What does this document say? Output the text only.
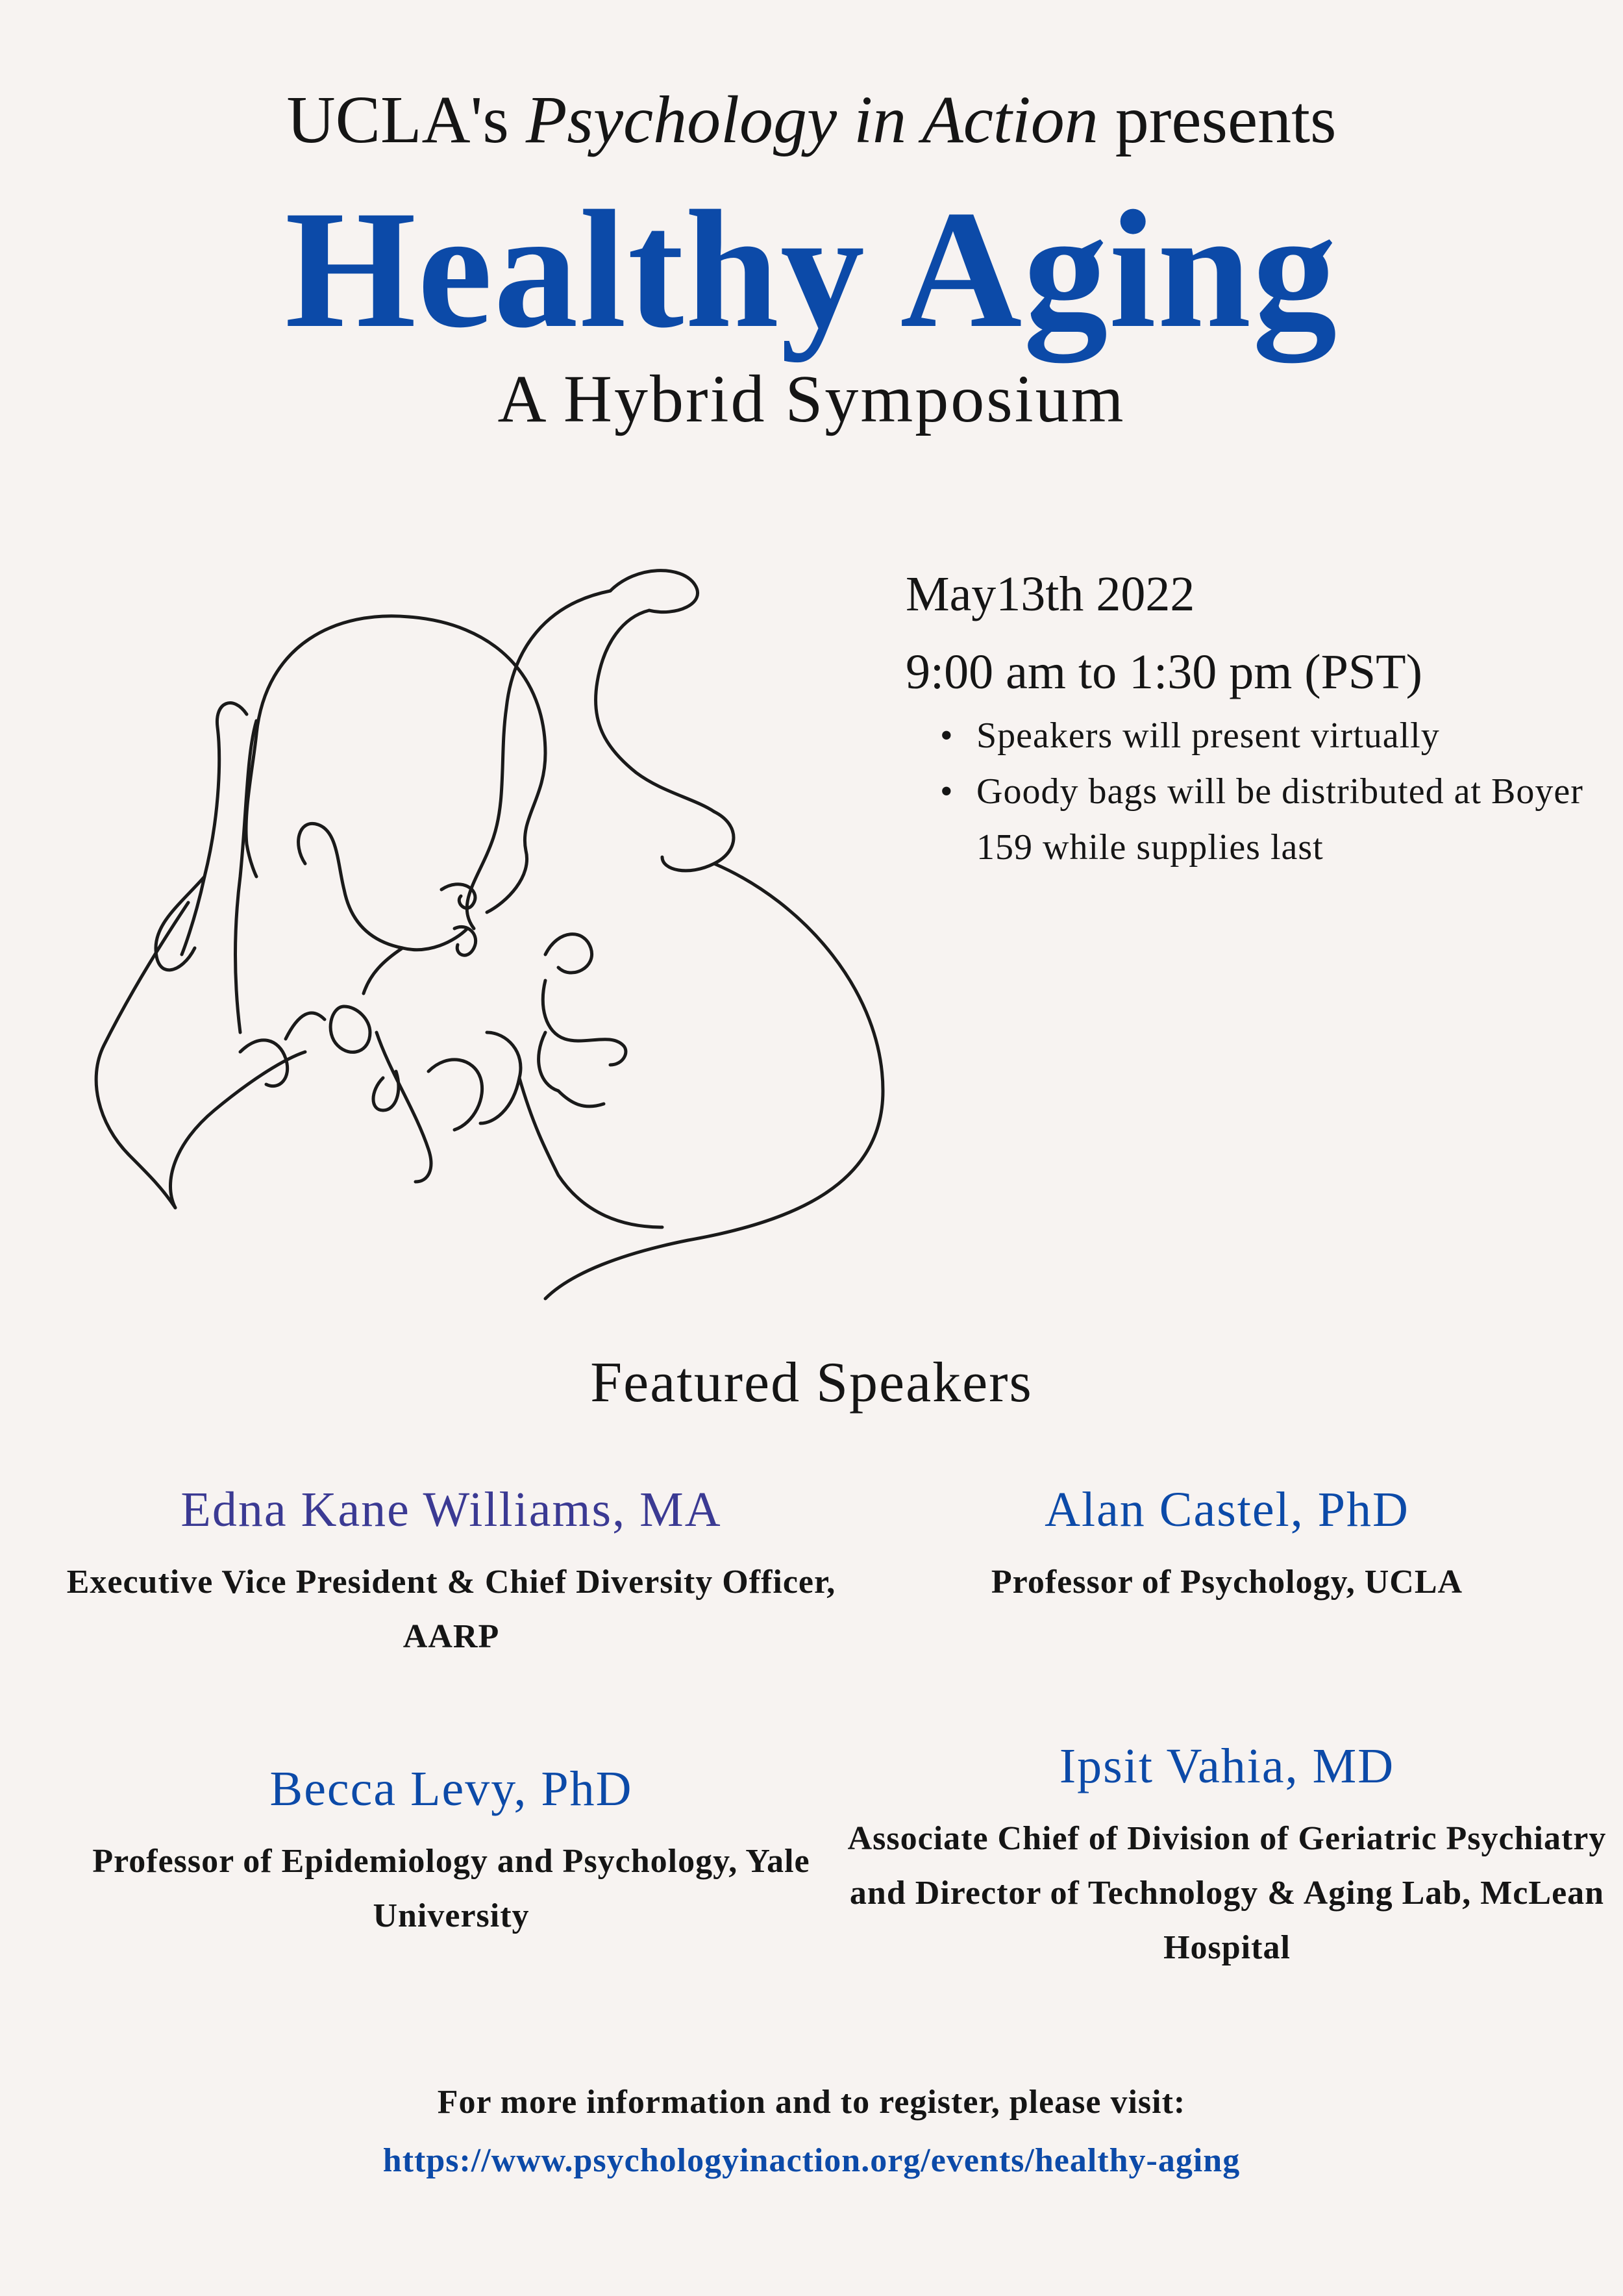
UCLA's Psychology in Action presents
Healthy Aging
A Hybrid Symposium
May13th 2022
9:00 am to 1:30 pm (PST)
• Speakers will present virtually
• Goody bags will be distributed at Boyer 159 while supplies last
Featured Speakers
Edna Kane Williams, MA
Executive Vice President & Chief Diversity Officer, AARP
Alan Castel, PhD
Professor of Psychology, UCLA
Becca Levy, PhD
Professor of Epidemiology and Psychology, Yale University
Ipsit Vahia, MD
Associate Chief of Division of Geriatric Psychiatry and Director of Technology & Aging Lab, McLean Hospital
For more information and to register, please visit:
https://www.psychologyinaction.org/events/healthy-aging
